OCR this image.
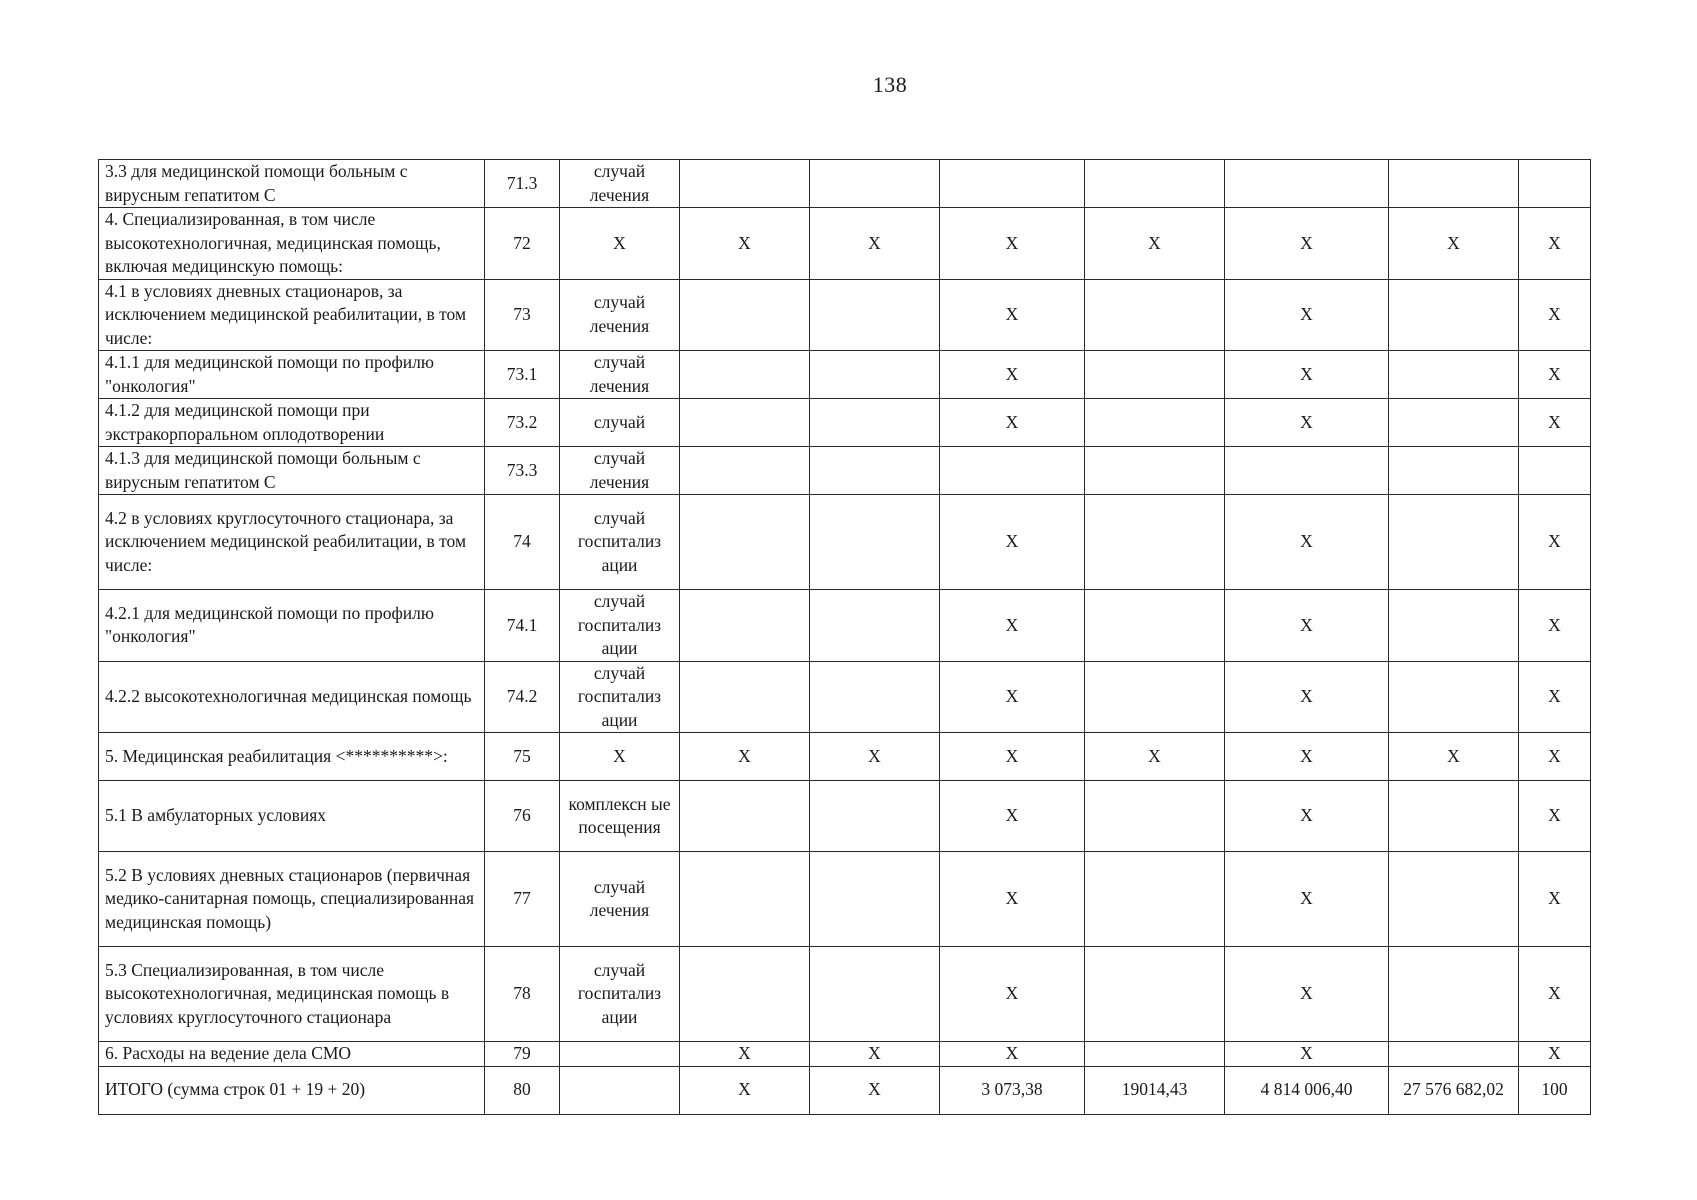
138
3.3 для медицинской помощи больным с вирусным гепатитом С	71.3	случай лечения							
4. Специализированная, в том числе высокотехнологичная, медицинская помощь, включая медицинскую помощь:	72	Х	Х	Х	Х	Х	Х	Х	Х
4.1 в условиях дневных стационаров, за исключением медицинской реабилитации, в том числе:	73	случай лечения			Х		Х		Х
4.1.1 для медицинской помощи по профилю "онкология"	73.1	случай лечения			Х		Х		Х
4.1.2 для медицинской помощи при экстракорпоральном оплодотворении	73.2	случай			Х		Х		Х
4.1.3 для медицинской помощи больным с вирусным гепатитом С	73.3	случай лечения							
4.2 в условиях круглосуточного стационара, за исключением медицинской реабилитации, в том числе:	74	случай госпитализ ации			Х		Х		Х
4.2.1 для медицинской помощи по профилю "онкология"	74.1	случай госпитализ ации			Х		Х		Х
4.2.2 высокотехнологичная медицинская помощь	74.2	случай госпитализ ации			Х		Х		Х
5. Медицинская реабилитация <**********>:	75	Х	Х	Х	Х	Х	Х	Х	Х
5.1 В амбулаторных условиях	76	комплексн ые посещения			Х		Х		Х
5.2 В условиях дневных стационаров (первичная медико-санитарная помощь, специализированная медицинская помощь)	77	случай лечения			Х		Х		Х
5.3 Специализированная, в том числе высокотехнологичная, медицинская помощь в условиях круглосуточного стационара	78	случай госпитализ ации			Х		Х		Х
6. Расходы на ведение дела СМО	79		Х	Х	Х		Х		Х
ИТОГО (сумма строк 01 + 19 + 20)	80		Х	Х	3 073,38	19014,43	4 814 006,40	27 576 682,02	100
